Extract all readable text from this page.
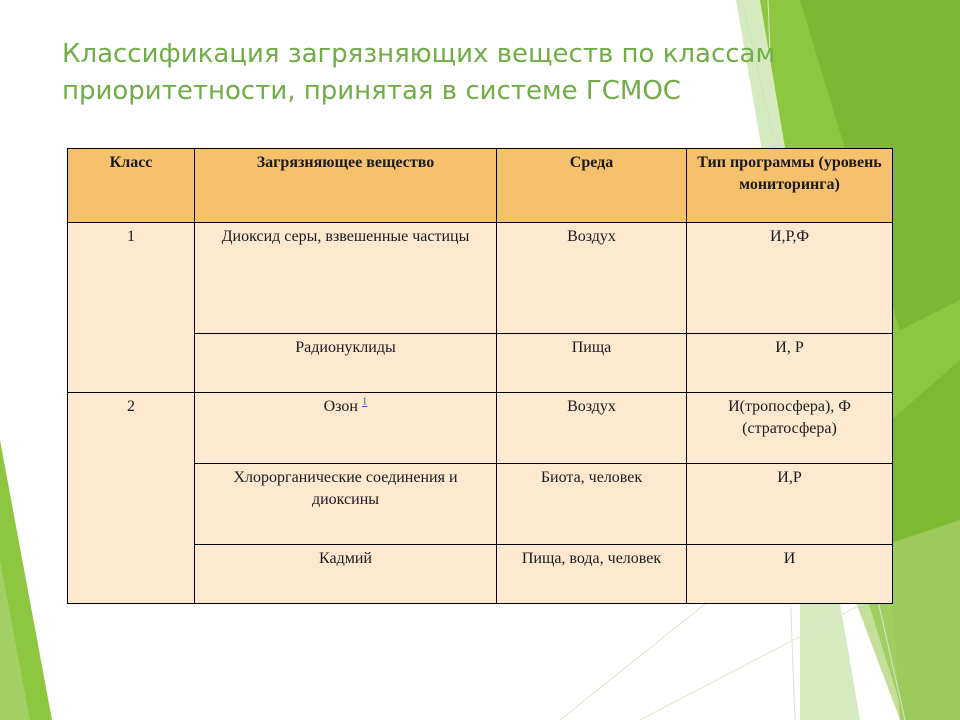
Классификация загрязняющих веществ по классам приоритетности, принятая в системе ГСМОС
Класс	Загрязняющее вещество	Среда	Тип программы (уровень мониторинга)
1	Диоксид серы, взвешенные частицы	Воздух	И,Р,Ф
	Радионуклиды	Пища	И, Р
2	Озон $^1$	Воздух	И(тропосфера), Ф (стратосфера)
	Хлорорганические соединения и диоксины	Биота, человек	И,Р
	Кадмий	Пища, вода, человек	И
